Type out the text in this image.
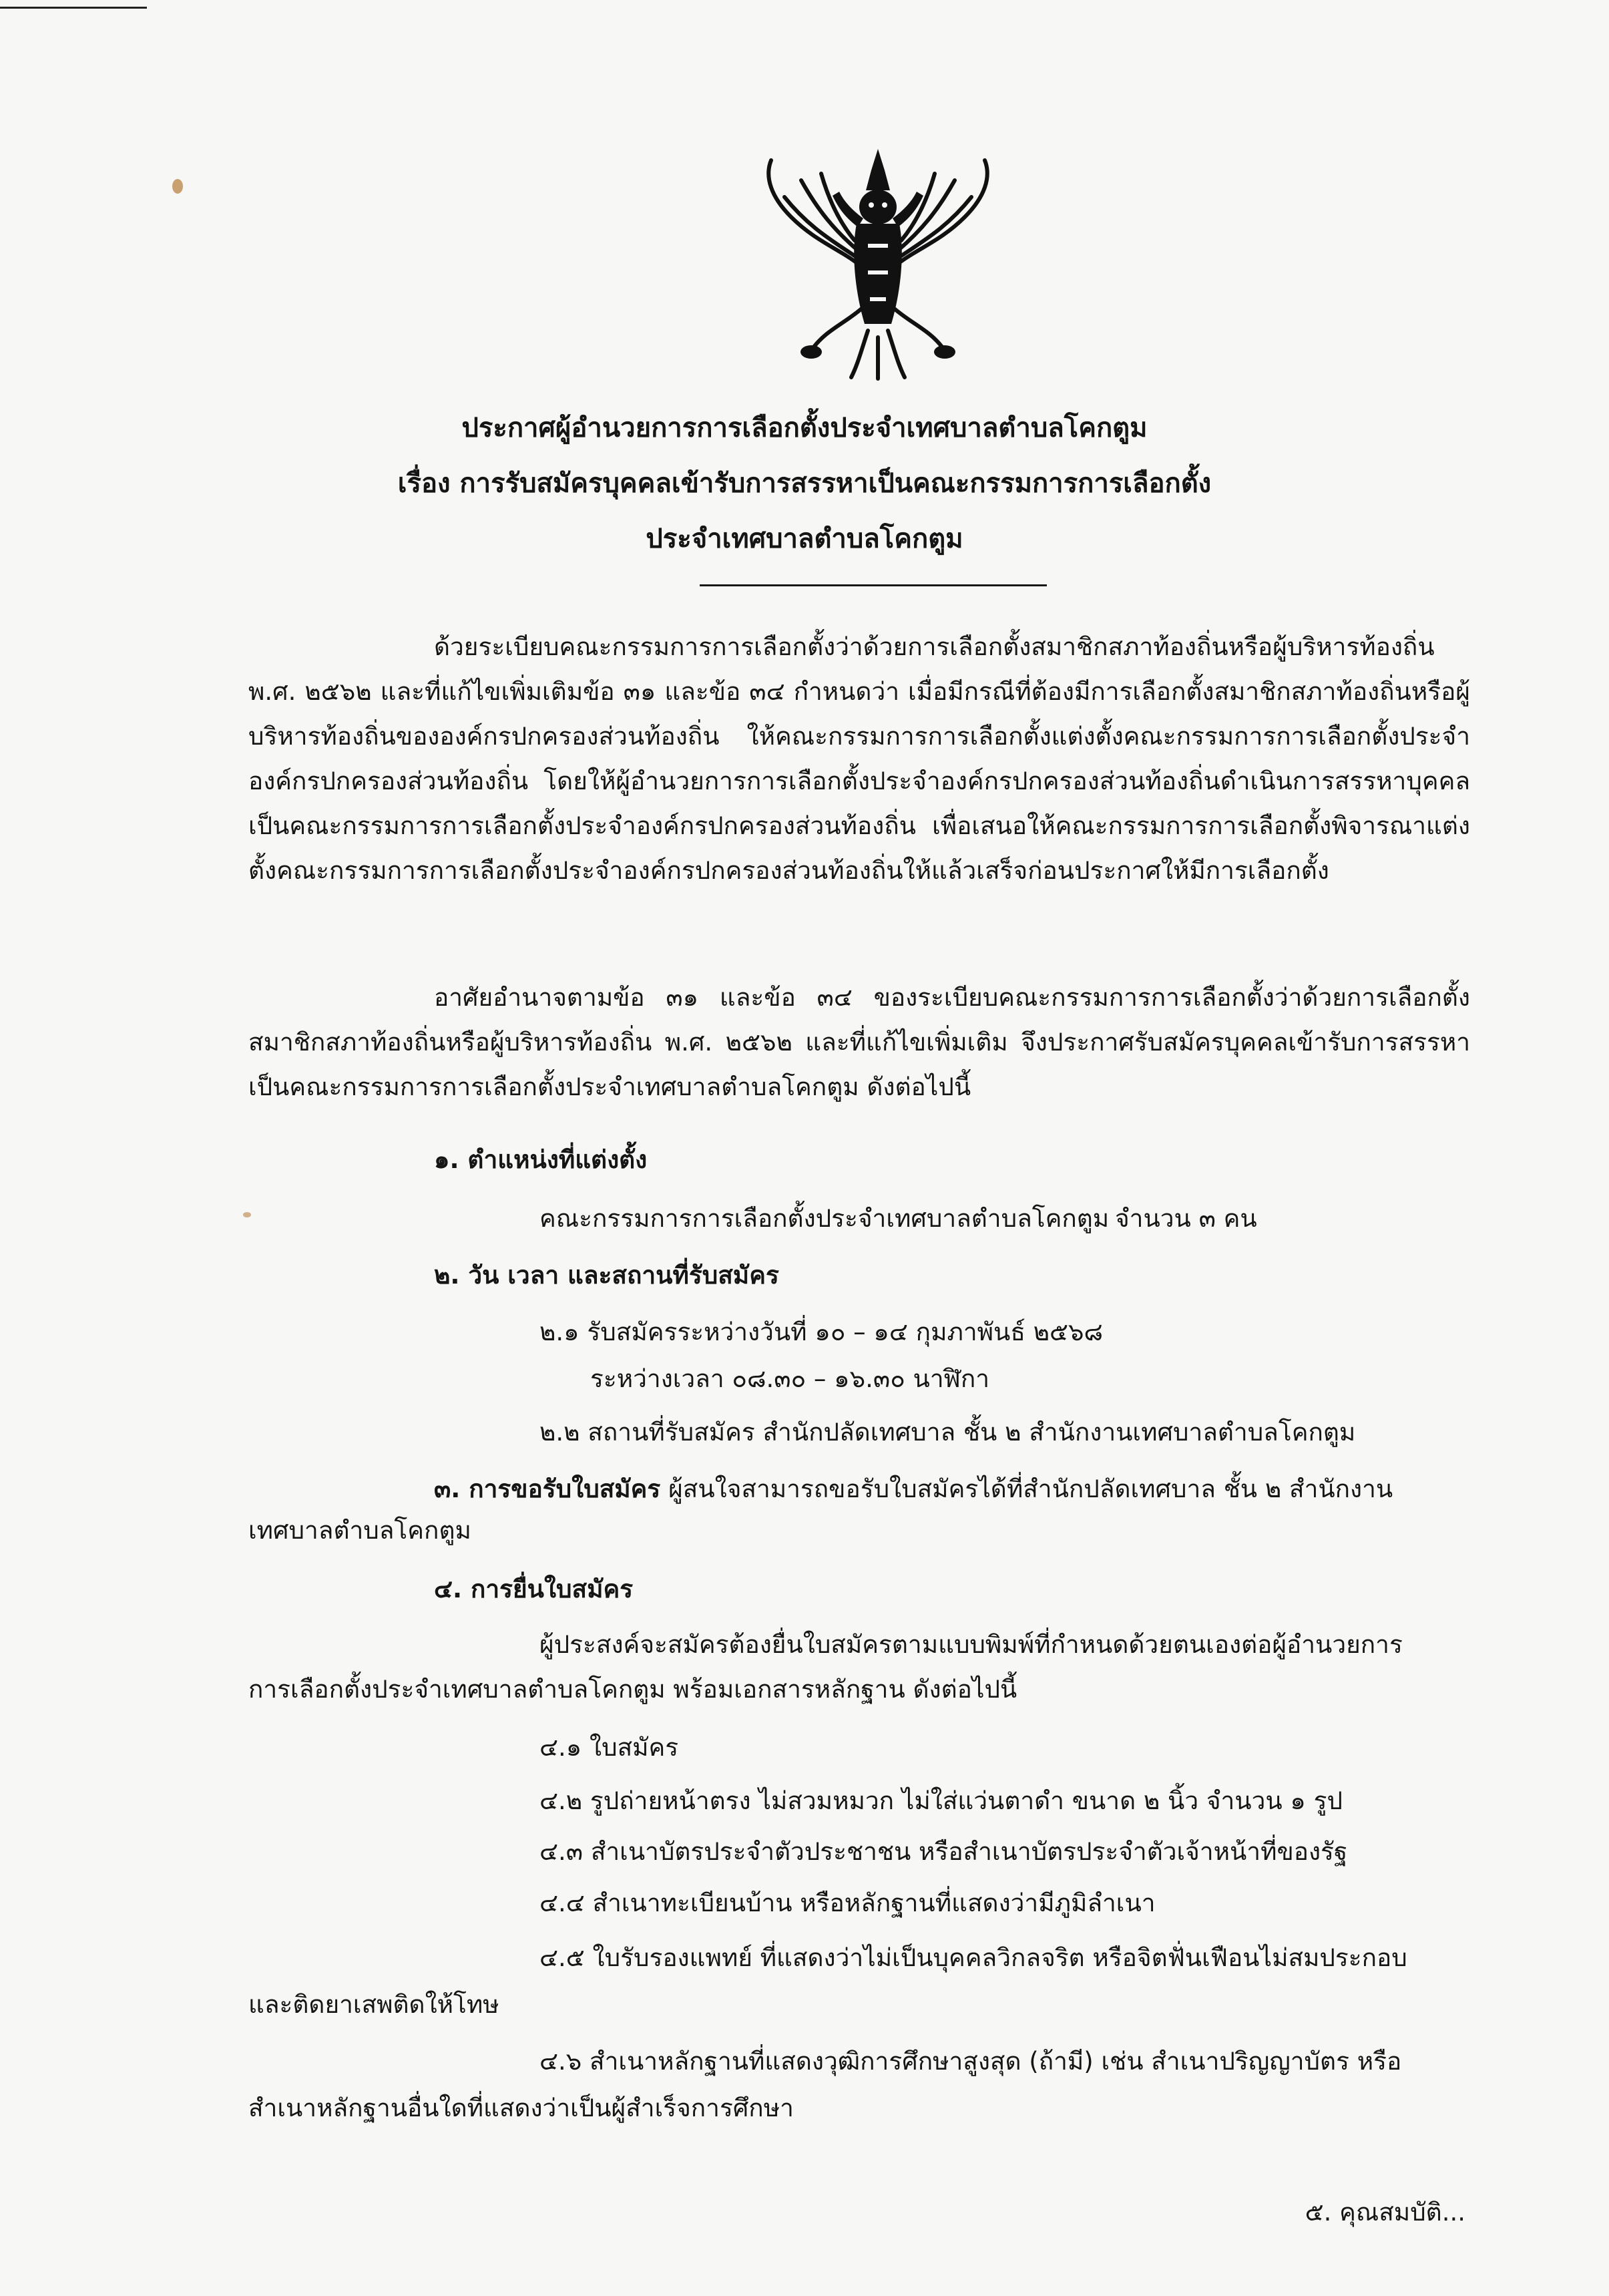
ประกาศผู้อำนวยการการเลือกตั้งประจำเทศบาลตำบลโคกตูม
เรื่อง การรับสมัครบุคคลเข้ารับการสรรหาเป็นคณะกรรมการการเลือกตั้ง
ประจำเทศบาลตำบลโคกตูม
ด้วยระเบียบคณะกรรมการการเลือกตั้งว่าด้วยการเลือกตั้งสมาชิกสภาท้องถิ่นหรือผู้บริหารท้องถิ่น พ.ศ. ๒๕๖๒ และที่แก้ไขเพิ่มเติมข้อ ๓๑ และข้อ ๓๔ กำหนดว่า เมื่อมีกรณีที่ต้องมีการเลือกตั้งสมาชิกสภาท้องถิ่นหรือผู้บริหารท้องถิ่นขององค์กรปกครองส่วนท้องถิ่น ให้คณะกรรมการการเลือกตั้งแต่งตั้งคณะกรรมการการเลือกตั้งประจำองค์กรปกครองส่วนท้องถิ่น โดยให้ผู้อำนวยการการเลือกตั้งประจำองค์กรปกครองส่วนท้องถิ่นดำเนินการสรรหาบุคคลเป็นคณะกรรมการการเลือกตั้งประจำองค์กรปกครองส่วนท้องถิ่น เพื่อเสนอให้คณะกรรมการการเลือกตั้งพิจารณาแต่งตั้งคณะกรรมการการเลือกตั้งประจำองค์กรปกครองส่วนท้องถิ่นให้แล้วเสร็จก่อนประกาศให้มีการเลือกตั้ง
อาศัยอำนาจตามข้อ ๓๑ และข้อ ๓๔ ของระเบียบคณะกรรมการการเลือกตั้งว่าด้วยการเลือกตั้งสมาชิกสภาท้องถิ่นหรือผู้บริหารท้องถิ่น พ.ศ. ๒๕๖๒ และที่แก้ไขเพิ่มเติม จึงประกาศรับสมัครบุคคลเข้ารับการสรรหาเป็นคณะกรรมการการเลือกตั้งประจำเทศบาลตำบลโคกตูม ดังต่อไปนี้
๑. ตำแหน่งที่แต่งตั้ง
คณะกรรมการการเลือกตั้งประจำเทศบาลตำบลโคกตูม จำนวน ๓ คน
๒. วัน เวลา และสถานที่รับสมัคร
๒.๑ รับสมัครระหว่างวันที่ ๑๐ – ๑๔ กุมภาพันธ์ ๒๕๖๘
ระหว่างเวลา ๐๘.๓๐ – ๑๖.๓๐ นาฬิกา
๒.๒ สถานที่รับสมัคร สำนักปลัดเทศบาล ชั้น ๒ สำนักงานเทศบาลตำบลโคกตูม
๓. การขอรับใบสมัคร ผู้สนใจสามารถขอรับใบสมัครได้ที่สำนักปลัดเทศบาล ชั้น ๒ สำนักงาน
เทศบาลตำบลโคกตูม
๔. การยื่นใบสมัคร
ผู้ประสงค์จะสมัครต้องยื่นใบสมัครตามแบบพิมพ์ที่กำหนดด้วยตนเองต่อผู้อำนวยการ
การเลือกตั้งประจำเทศบาลตำบลโคกตูม พร้อมเอกสารหลักฐาน ดังต่อไปนี้
๔.๑ ใบสมัคร
๔.๒ รูปถ่ายหน้าตรง ไม่สวมหมวก ไม่ใส่แว่นตาดำ ขนาด ๒ นิ้ว จำนวน ๑ รูป
๔.๓ สำเนาบัตรประจำตัวประชาชน หรือสำเนาบัตรประจำตัวเจ้าหน้าที่ของรัฐ
๔.๔ สำเนาทะเบียนบ้าน หรือหลักฐานที่แสดงว่ามีภูมิลำเนา
๔.๕ ใบรับรองแพทย์ ที่แสดงว่าไม่เป็นบุคคลวิกลจริต หรือจิตฟั่นเฟือนไม่สมประกอบ
และติดยาเสพติดให้โทษ
๔.๖ สำเนาหลักฐานที่แสดงวุฒิการศึกษาสูงสุด (ถ้ามี) เช่น สำเนาปริญญาบัตร หรือ
สำเนาหลักฐานอื่นใดที่แสดงว่าเป็นผู้สำเร็จการศึกษา
๕. คุณสมบัติ...
